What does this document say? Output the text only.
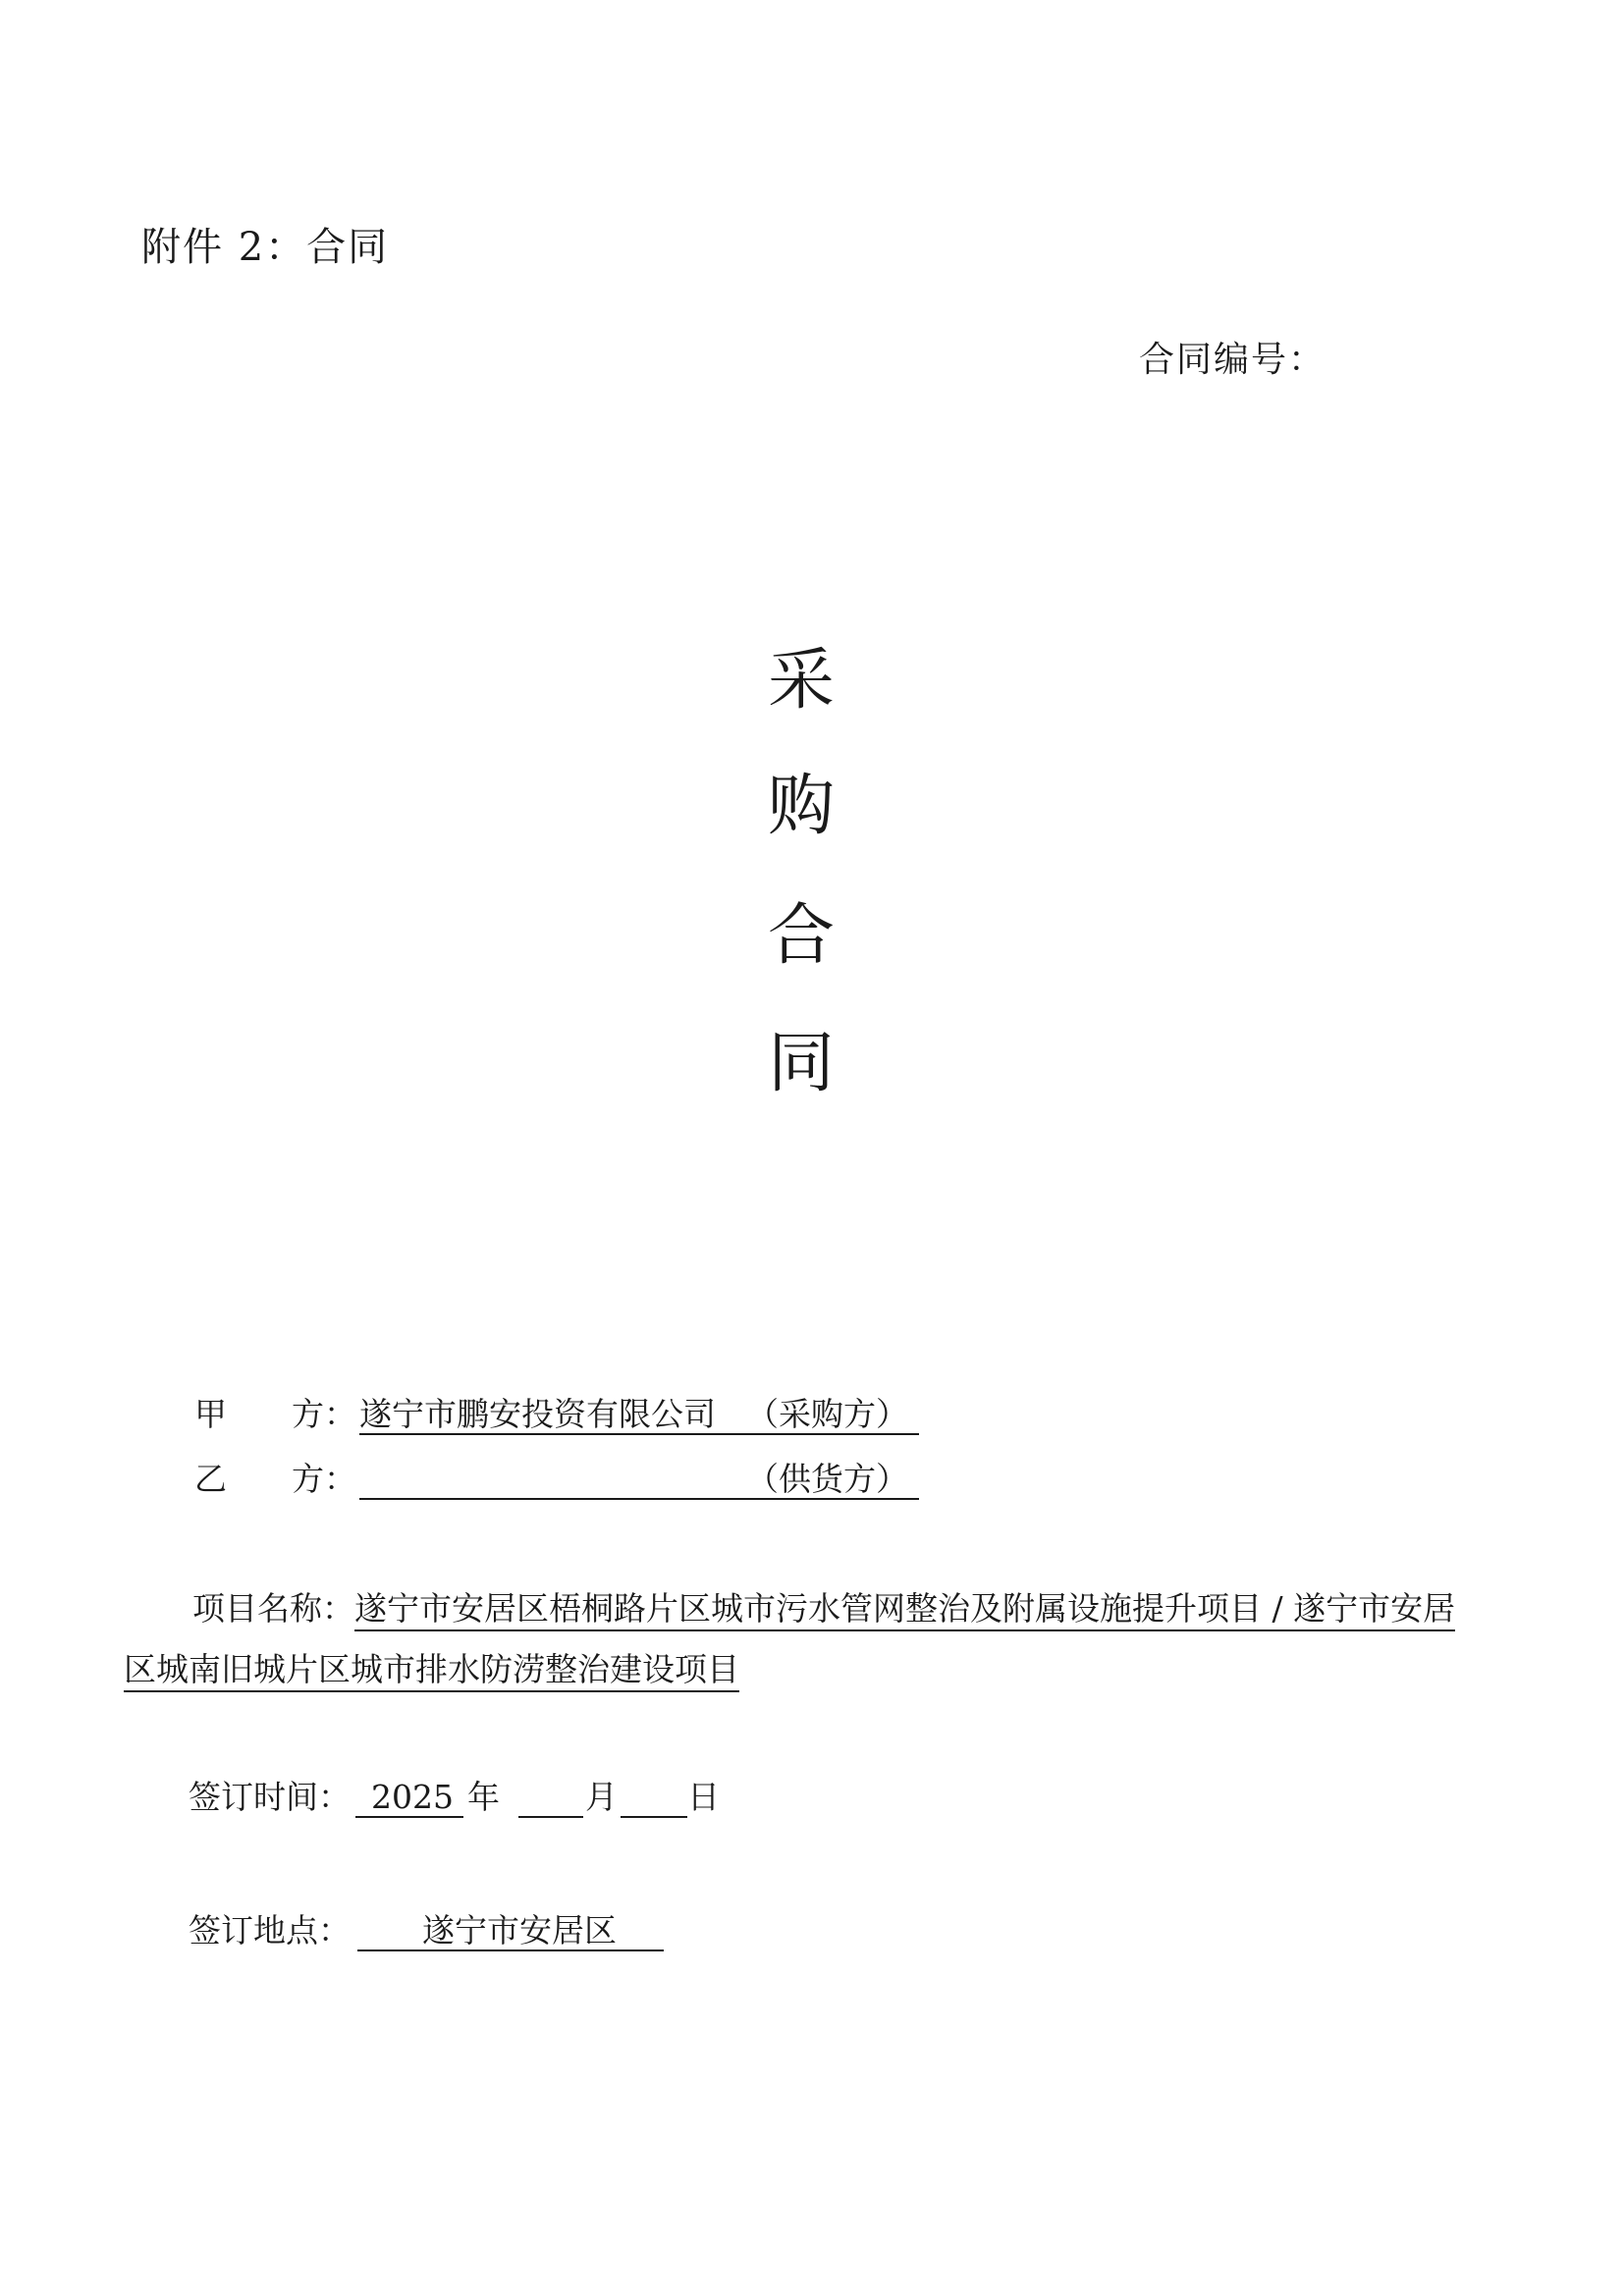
附件 2：合同
合同编号：
采
购
合
同
甲　　方： 遂宁市鹏安投资有限公司 （采购方）
乙　　方：	（供货方）
项目名称：遂宁市安居区梧桐路片区城市污水管网整治及附属设施提升项目 / 遂宁市安居
区城南旧城片区城市排水防涝整治建设项目
签订时间： 2025 年	月 日
签订地点： 遂宁市安居区
